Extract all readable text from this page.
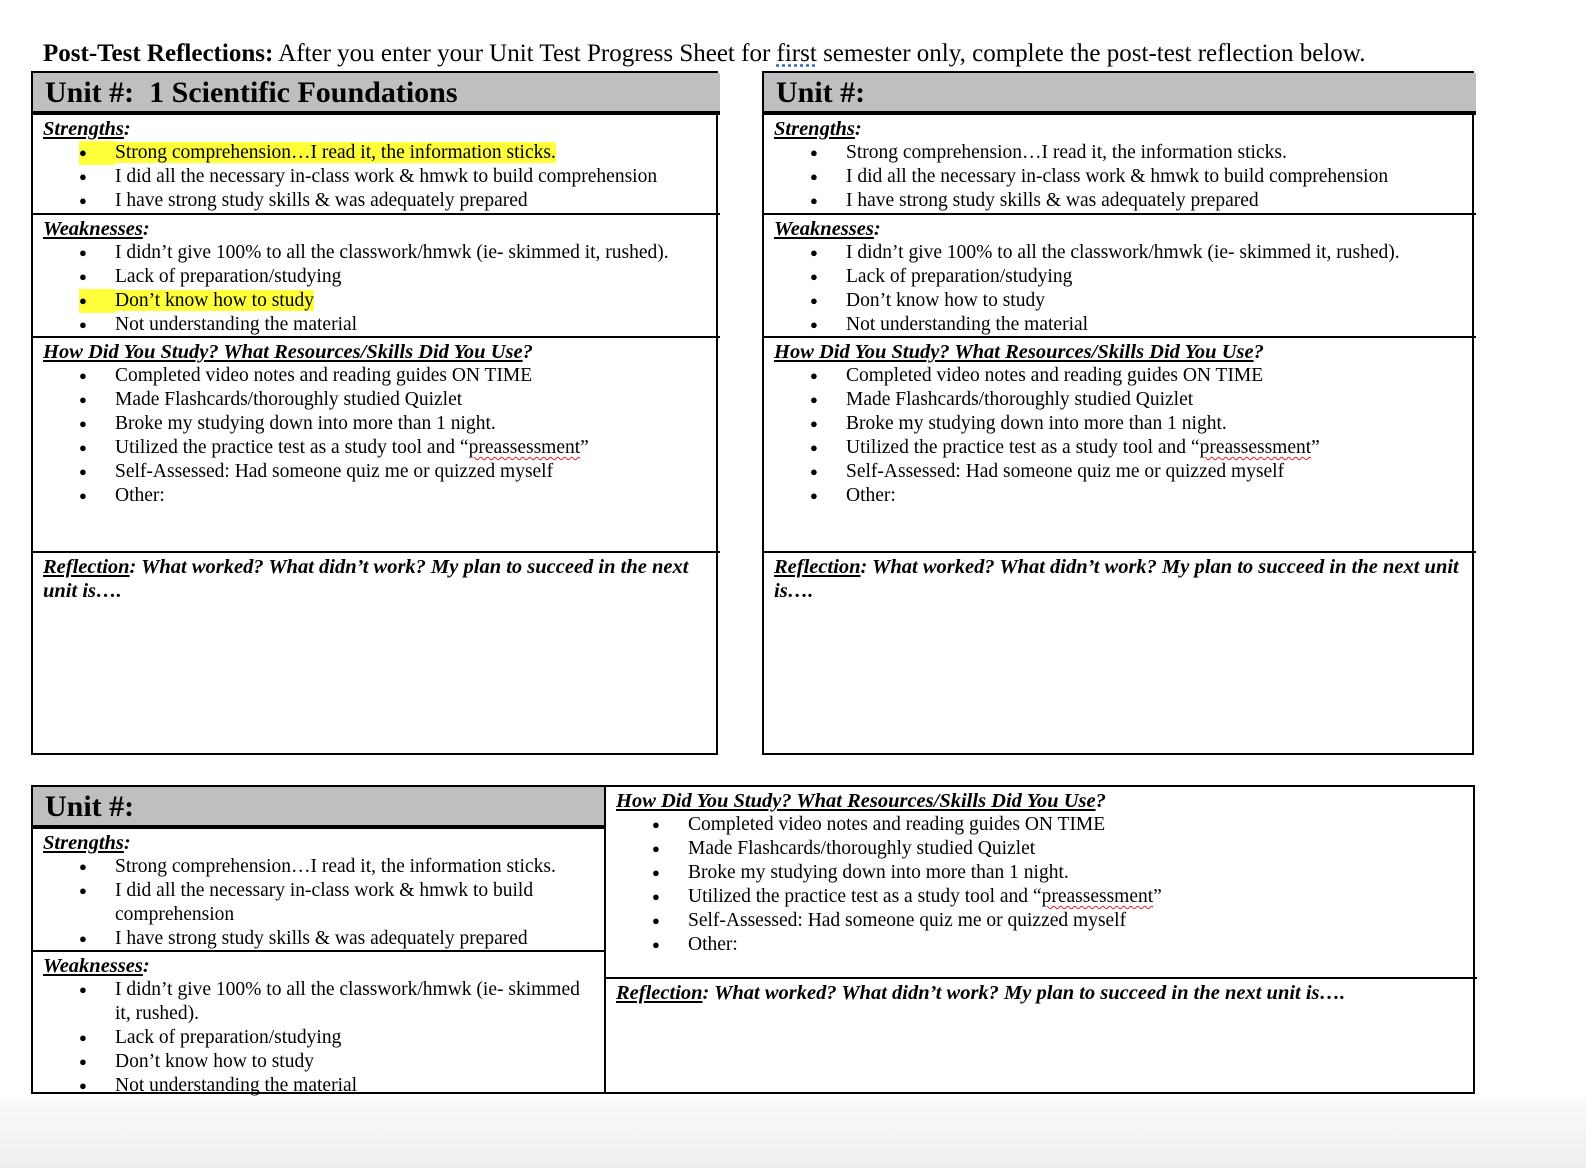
Post-Test Reflections: After you enter your Unit Test Progress Sheet for first semester only, complete the post-test reflection below.
Unit #:  1 Scientific Foundations
Strengths:
●	Strong comprehension…I read it, the information sticks.
●	I did all the necessary in-class work & hmwk to build comprehension
●	I have strong study skills & was adequately prepared
Weaknesses:
●	I didn’t give 100% to all the classwork/hmwk (ie- skimmed it, rushed).
●	Lack of preparation/studying
●	Don’t know how to study
●	Not understanding the material
How Did You Study? What Resources/Skills Did You Use?
●	Completed video notes and reading guides ON TIME
●	Made Flashcards/thoroughly studied Quizlet
●	Broke my studying down into more than 1 night.
●	Utilized the practice test as a study tool and “preassessment”
●	Self-Assessed: Had someone quiz me or quizzed myself
●	Other:
Reflection: What worked? What didn’t work? My plan to succeed in the next unit is….
Unit #:
Strengths:
●	Strong comprehension…I read it, the information sticks.
●	I did all the necessary in-class work & hmwk to build comprehension
●	I have strong study skills & was adequately prepared
Weaknesses:
●	I didn’t give 100% to all the classwork/hmwk (ie- skimmed it, rushed).
●	Lack of preparation/studying
●	Don’t know how to study
●	Not understanding the material
How Did You Study? What Resources/Skills Did You Use?
●	Completed video notes and reading guides ON TIME
●	Made Flashcards/thoroughly studied Quizlet
●	Broke my studying down into more than 1 night.
●	Utilized the practice test as a study tool and “preassessment”
●	Self-Assessed: Had someone quiz me or quizzed myself
●	Other:
Reflection: What worked? What didn’t work? My plan to succeed in the next unit is….
Unit #:
Strengths:
●	Strong comprehension…I read it, the information sticks.
●	I did all the necessary in-class work & hmwk to build comprehension
●	I have strong study skills & was adequately prepared
Weaknesses:
●	I didn’t give 100% to all the classwork/hmwk (ie- skimmed it, rushed).
●	Lack of preparation/studying
●	Don’t know how to study
●	Not understanding the material
How Did You Study? What Resources/Skills Did You Use?
●	Completed video notes and reading guides ON TIME
●	Made Flashcards/thoroughly studied Quizlet
●	Broke my studying down into more than 1 night.
●	Utilized the practice test as a study tool and “preassessment”
●	Self-Assessed: Had someone quiz me or quizzed myself
●	Other:
Reflection: What worked? What didn’t work? My plan to succeed in the next unit is….
